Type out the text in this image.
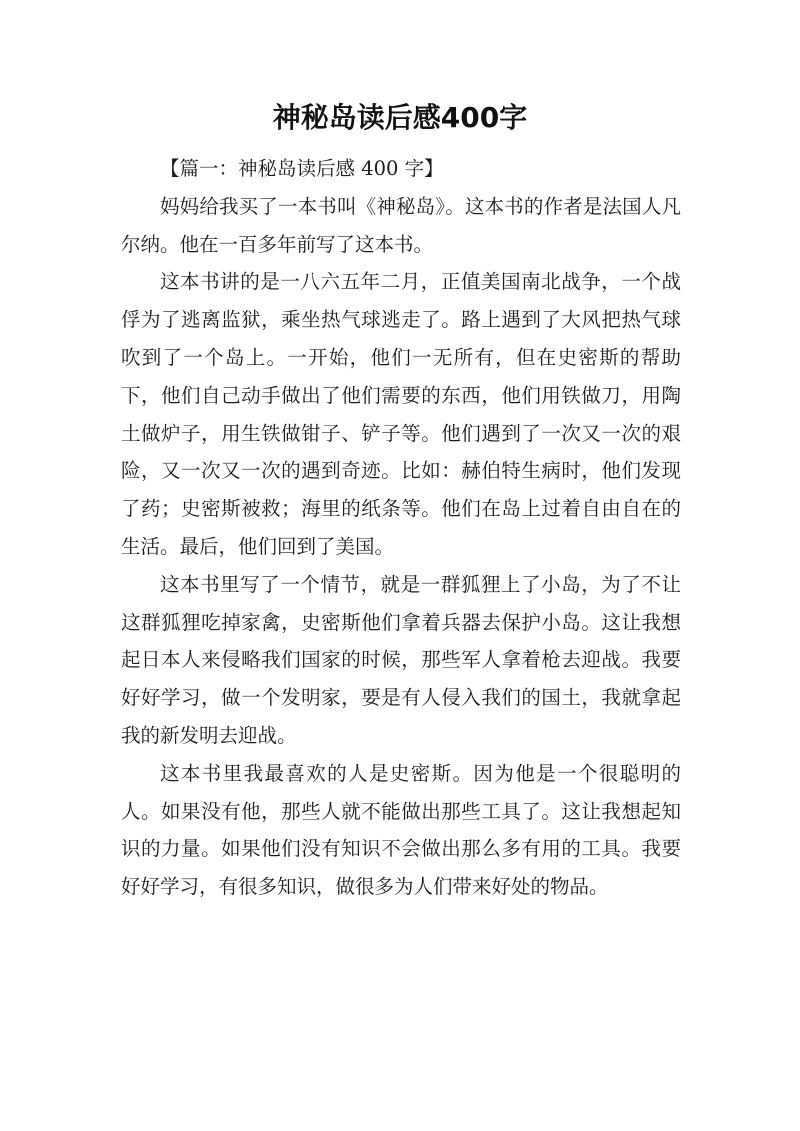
神秘岛读后感400字

【篇一：神秘岛读后感 400 字】

妈妈给我买了一本书叫《神秘岛》。这本书的作者是法国人凡尔纳。他在一百多年前写了这本书。

这本书讲的是一八六五年二月，正值美国南北战争，一个战俘为了逃离监狱，乘坐热气球逃走了。路上遇到了大风把热气球吹到了一个岛上。一开始，他们一无所有，但在史密斯的帮助下，他们自己动手做出了他们需要的东西，他们用铁做刀，用陶土做炉子，用生铁做钳子、铲子等。他们遇到了一次又一次的艰险，又一次又一次的遇到奇迹。比如：赫伯特生病时，他们发现了药；史密斯被救；海里的纸条等。他们在岛上过着自由自在的生活。最后，他们回到了美国。

这本书里写了一个情节，就是一群狐狸上了小岛，为了不让这群狐狸吃掉家禽，史密斯他们拿着兵器去保护小岛。这让我想起日本人来侵略我们国家的时候，那些军人拿着枪去迎战。我要好好学习，做一个发明家，要是有人侵入我们的国土，我就拿起我的新发明去迎战。

这本书里我最喜欢的人是史密斯。因为他是一个很聪明的人。如果没有他，那些人就不能做出那些工具了。这让我想起知识的力量。如果他们没有知识不会做出那么多有用的工具。我要好好学习，有很多知识，做很多为人们带来好处的物品。
